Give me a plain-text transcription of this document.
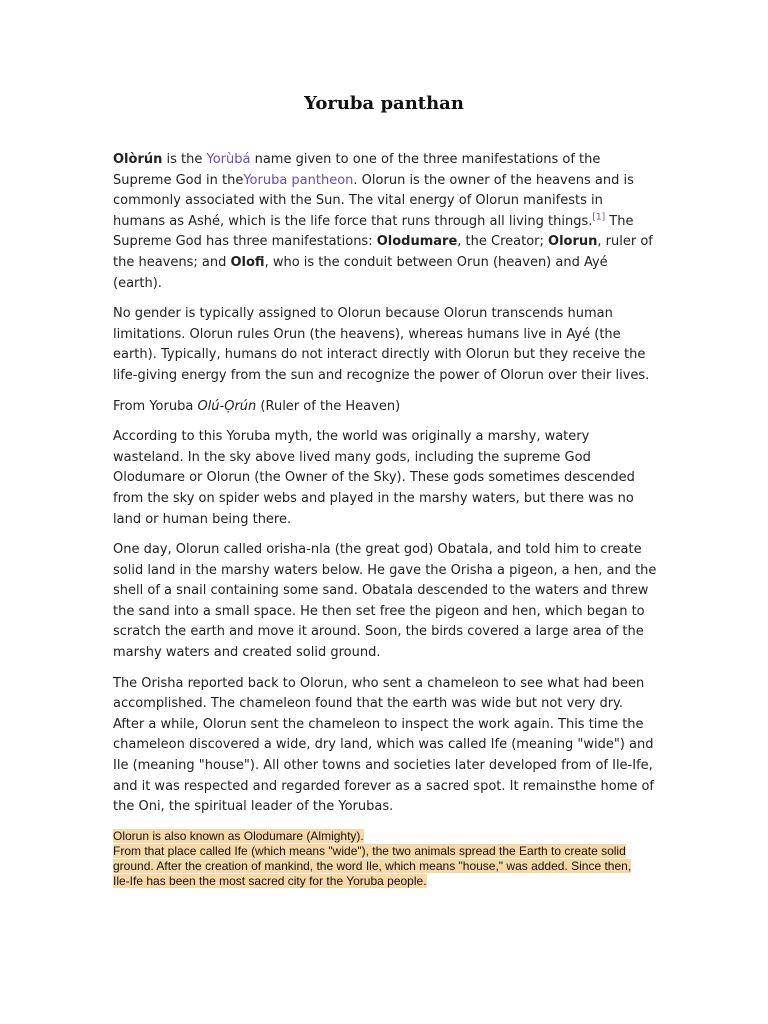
Yoruba panthan

Olòrún is the Yorùbá name given to one of the three manifestations of the Supreme God in theYoruba pantheon. Olorun is the owner of the heavens and is commonly associated with the Sun. The vital energy of Olorun manifests in humans as Ashé, which is the life force that runs through all living things.[1] The Supreme God has three manifestations: Olodumare, the Creator; Olorun, ruler of the heavens; and Olofi, who is the conduit between Orun (heaven) and Ayé (earth).

No gender is typically assigned to Olorun because Olorun transcends human limitations. Olorun rules Orun (the heavens), whereas humans live in Ayé (the earth). Typically, humans do not interact directly with Olorun but they receive the life-giving energy from the sun and recognize the power of Olorun over their lives.

From Yoruba Olú-Ọrún (Ruler of the Heaven)

According to this Yoruba myth, the world was originally a marshy, watery wasteland. In the sky above lived many gods, including the supreme God Olodumare or Olorun (the Owner of the Sky). These gods sometimes descended from the sky on spider webs and played in the marshy waters, but there was no land or human being there.

One day, Olorun called orisha-nla (the great god) Obatala, and told him to create solid land in the marshy waters below. He gave the Orisha a pigeon, a hen, and the shell of a snail containing some sand. Obatala descended to the waters and threw the sand into a small space. He then set free the pigeon and hen, which began to scratch the earth and move it around. Soon, the birds covered a large area of the marshy waters and created solid ground.

The Orisha reported back to Olorun, who sent a chameleon to see what had been accomplished. The chameleon found that the earth was wide but not very dry. After a while, Olorun sent the chameleon to inspect the work again. This time the chameleon discovered a wide, dry land, which was called Ife (meaning "wide") and Ile (meaning "house"). All other towns and societies later developed from of Ile-Ife, and it was respected and regarded forever as a sacred spot. It remainsthe home of the Oni, the spiritual leader of the Yorubas.

Olorun is also known as Olodumare (Almighty).
From that place called Ife (which means "wide"), the two animals spread the Earth to create solid ground. After the creation of mankind, the word Ile, which means "house," was added. Since then, Ile-Ife has been the most sacred city for the Yoruba people.
